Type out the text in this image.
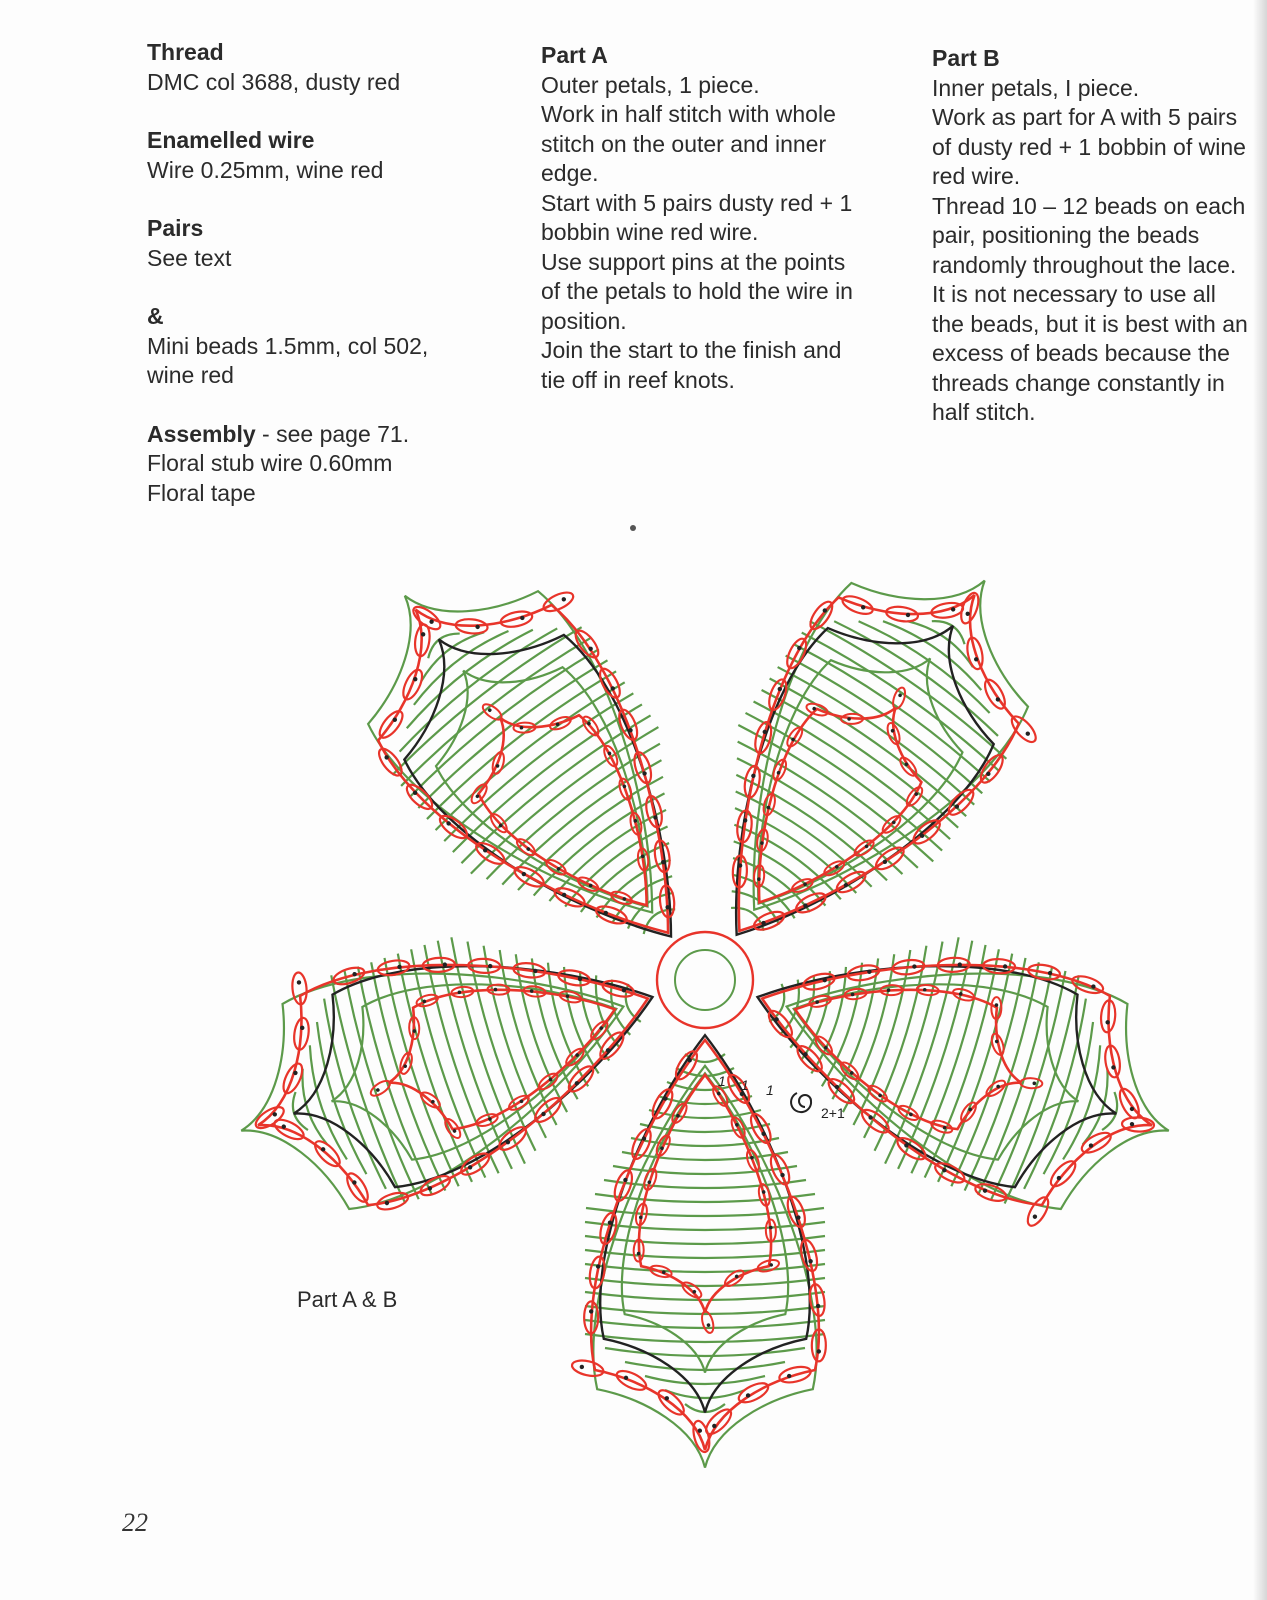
Thread
DMC col 3688, dusty red
Enamelled wire
Wire 0.25mm, wine red
Pairs
See text
&
Mini beads 1.5mm, col 502,
wine red
Assembly - see page 71.
Floral stub wire 0.60mm
Floral tape
Part A
Outer petals, 1 piece.
Work in half stitch with whole
stitch on the outer and inner
edge.
Start with 5 pairs dusty red + 1
bobbin wine red wire.
Use support pins at the points
of the petals to hold the wire in
position.
Join the start to the finish and
tie off in reef knots.
Part B
Inner petals, I piece.
Work as part for A with 5 pairs
of dusty red + 1 bobbin of wine
red wire.
Thread 10 – 12 beads on each
pair, positioning the beads
randomly throughout the lace.
It is not necessary to use all
the beads, but it is best with an
excess of beads because the
threads change constantly in
half stitch.
1 1 1
2+1
Part A & B
22
